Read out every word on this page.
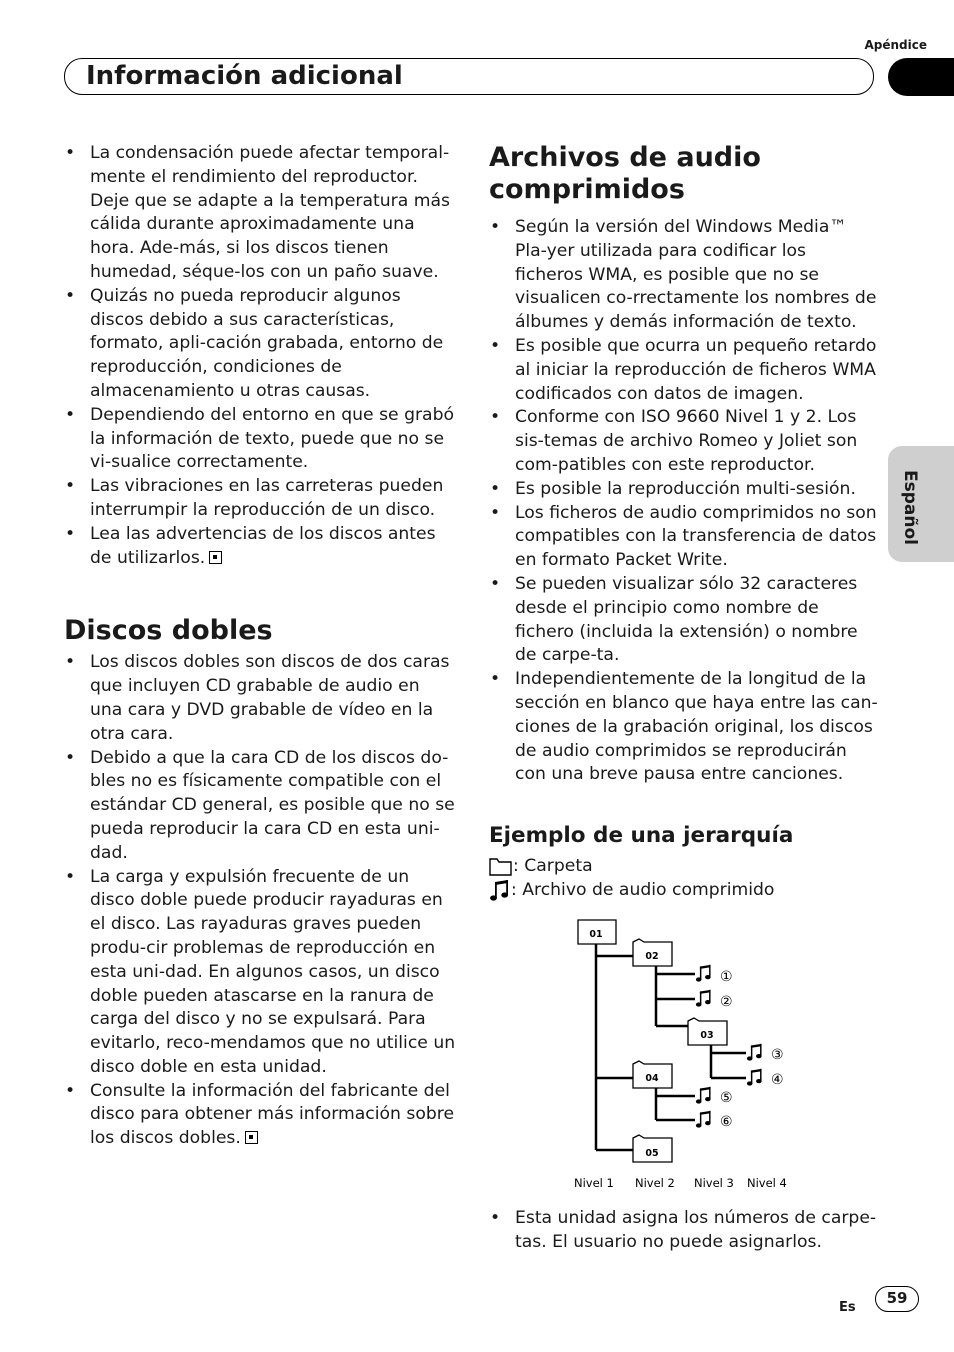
Apéndice
Información adicional
Español
• La condensación puede afectar temporal-mente el rendimiento del reproductor. Deje que se adapte a la temperatura más cálida durante aproximadamente una hora. Ade-más, si los discos tienen humedad, séque-los con un paño suave.
• Quizás no pueda reproducir algunos discos debido a sus características, formato, apli-cación grabada, entorno de reproducción, condiciones de almacenamiento u otras causas.
• Dependiendo del entorno en que se grabó la información de texto, puede que no se vi-sualice correctamente.
• Las vibraciones en las carreteras pueden interrumpir la reproducción de un disco.
• Lea las advertencias de los discos antes de utilizarlos.
Discos dobles
• Los discos dobles son discos de dos caras que incluyen CD grabable de audio en una cara y DVD grabable de vídeo en la otra cara.
• Debido a que la cara CD de los discos do-bles no es físicamente compatible con el estándar CD general, es posible que no se pueda reproducir la cara CD en esta uni-dad.
• La carga y expulsión frecuente de un disco doble puede producir rayaduras en el disco. Las rayaduras graves pueden produ-cir problemas de reproducción en esta uni-dad. En algunos casos, un disco doble pueden atascarse en la ranura de carga del disco y no se expulsará. Para evitarlo, reco-mendamos que no utilice un disco doble en esta unidad.
• Consulte la información del fabricante del disco para obtener más información sobre los discos dobles.
Archivos de audio
comprimidos
• Según la versión del Windows Media™ Pla-yer utilizada para codificar los ficheros WMA, es posible que no se visualicen co-rrectamente los nombres de álbumes y demás información de texto.
• Es posible que ocurra un pequeño retardo al iniciar la reproducción de ficheros WMA codificados con datos de imagen.
• Conforme con ISO 9660 Nivel 1 y 2. Los sis-temas de archivo Romeo y Joliet son com-patibles con este reproductor.
• Es posible la reproducción multi-sesión.
• Los ficheros de audio comprimidos no son compatibles con la transferencia de datos en formato Packet Write.
• Se pueden visualizar sólo 32 caracteres desde el principio como nombre de fichero (incluida la extensión) o nombre de carpe-ta.
• Independientemente de la longitud de la sección en blanco que haya entre las can-ciones de la grabación original, los discos de audio comprimidos se reproducirán con una breve pausa entre canciones.
Ejemplo de una jerarquía
: Carpeta
: Archivo de audio comprimido
01
02
03
04
05
①
②
③
④
⑤
⑥
Nivel 1 Nivel 2 Nivel 3 Nivel 4
• Esta unidad asigna los números de carpe-tas. El usuario no puede asignarlos.
Es
59
